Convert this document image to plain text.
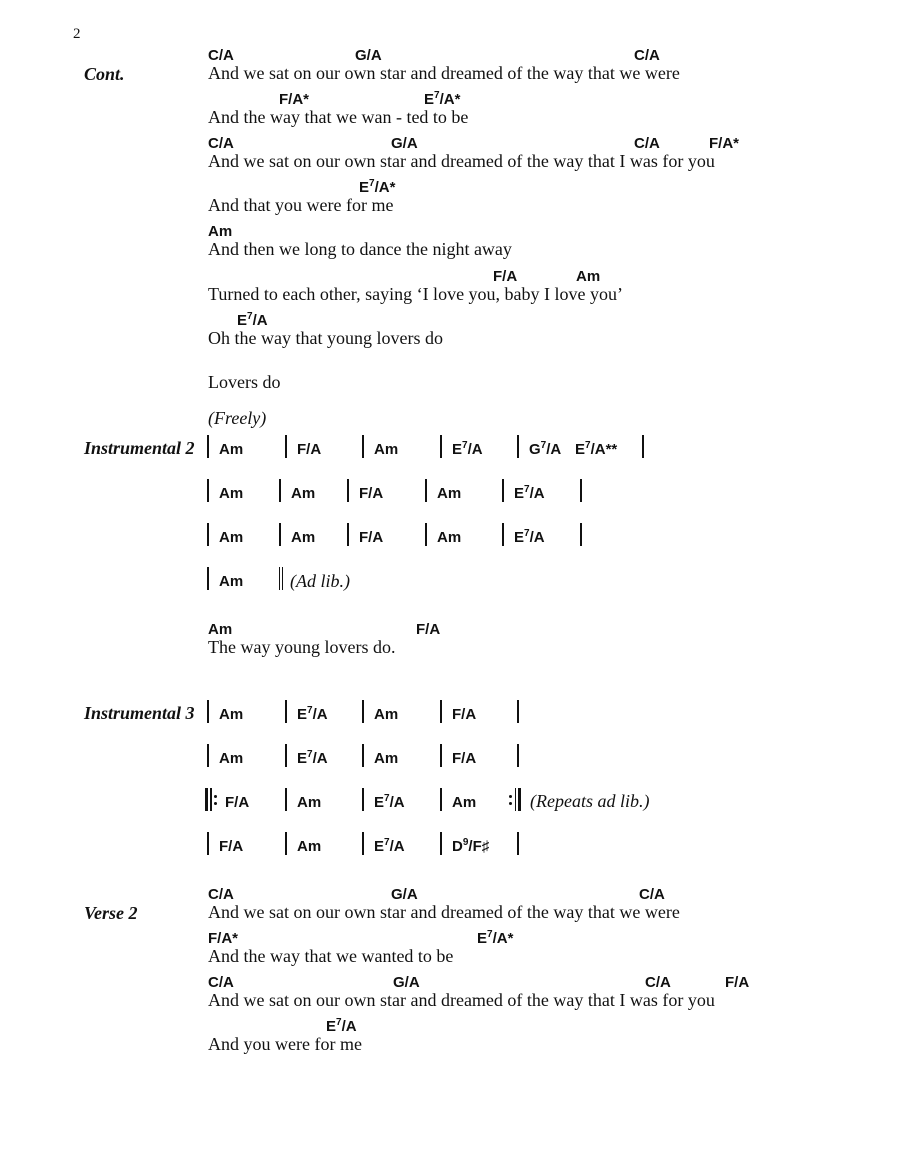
2
Cont.
C/A	G/A	C/A
And we sat on our own star and dreamed of the way that we were
F/A*	$E^7/A*$
And the way that we wan - ted to be
C/A	G/A	C/A	F/A*
And we sat on our own star and dreamed of the way that I was for you
$E^7/A*$
And that you were for me
Am
And then we long to dance the night away
F/A	Am
Turned to each other, saying ‘I love you, baby I love you’
$E^7/A$
Oh the way that young lovers do
Lovers do
(Freely)
Instrumental 2 Am	F/A	Am	$E^7/A$	$G^7/A$ $E^7/A**$
Am	Am	F/A	Am	$E^7/A$
Am	Am	F/A	Am	$E^7/A$
Am	(Ad lib.)
Am	F/A
The way young lovers do.
Instrumental 3 Am	$E^7/A$	Am	F/A
Am	$E^7/A$	Am	F/A
F/A	Am	$E^7/A$	Am	(Repeats ad lib.)
F/A	Am	$E^7/A$	$D^9/F♯$
Verse 2
C/A	G/A	C/A
And we sat on our own star and dreamed of the way that we were
F/A*	$E^7/A*$
And the way that we wanted to be
C/A	G/A	C/A	F/A
And we sat on our own star and dreamed of the way that I was for you
$E^7/A$
And you were for me
